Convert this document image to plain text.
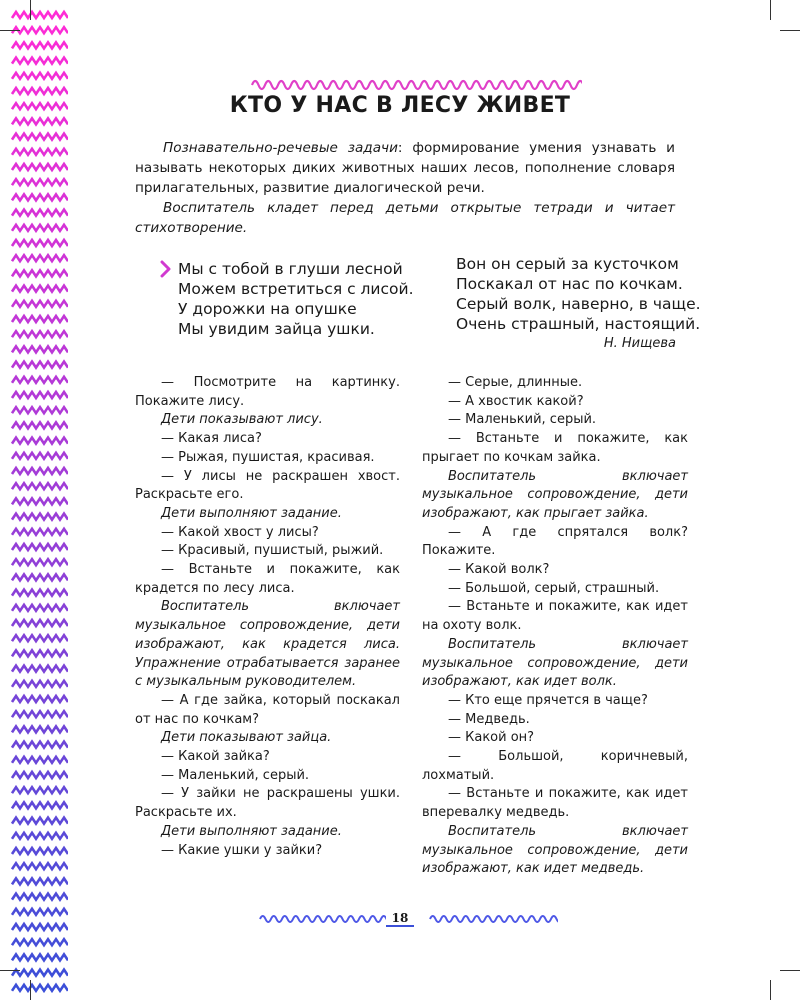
КТО У НАС В ЛЕСУ ЖИВЕТ

Познавательно-речевые задачи: формирование умения узнавать и называть некоторых диких животных наших лесов, пополнение словаря прилагательных, развитие диалогической речи.

Воспитатель кладет перед детьми открытые тетради и читает стихотворение.

Мы с тобой в глуши лесной
Можем встретиться с лисой.
У дорожки на опушке
Мы увидим зайца ушки.
Вон он серый за кусточком
Поскакал от нас по кочкам.
Серый волк, наверно, в чаще.
Очень страшный, настоящий.
Н. Нищева

— Посмотрите на картинку. Покажите лису.

Дети показывают лису.

— Какая лиса?

— Рыжая, пушистая, красивая.

— У лисы не раскрашен хвост. Раскрасьте его.

Дети выполняют задание.

— Какой хвост у лисы?

— Красивый, пушистый, рыжий.

— Встаньте и покажите, как крадется по лесу лиса.

Воспитатель включает музыкальное сопровождение, дети изображают, как крадется лиса. Упражнение отрабатывается заранее с музыкальным руководителем.

— А где зайка, который поскакал от нас по кочкам?

Дети показывают зайца.

— Какой зайка?

— Маленький, серый.

— У зайки не раскрашены ушки. Раскрасьте их.

Дети выполняют задание.

— Какие ушки у зайки?

— Серые, длинные.

— А хвостик какой?

— Маленький, серый.

— Встаньте и покажите, как прыгает по кочкам зайка.

Воспитатель включает музыкальное сопровождение, дети изображают, как прыгает зайка.

— А где спрятался волк? Покажите.

— Какой волк?

— Большой, серый, страшный.

— Встаньте и покажите, как идет на охоту волк.

Воспитатель включает музыкальное сопровождение, дети изображают, как идет волк.

— Кто еще прячется в чаще?

— Медведь.

— Какой он?

— Большой, коричневый, лохматый.

— Встаньте и покажите, как идет вперевалку медведь.

Воспитатель включает музыкальное сопровождение, дети изображают, как идет медведь.

18
